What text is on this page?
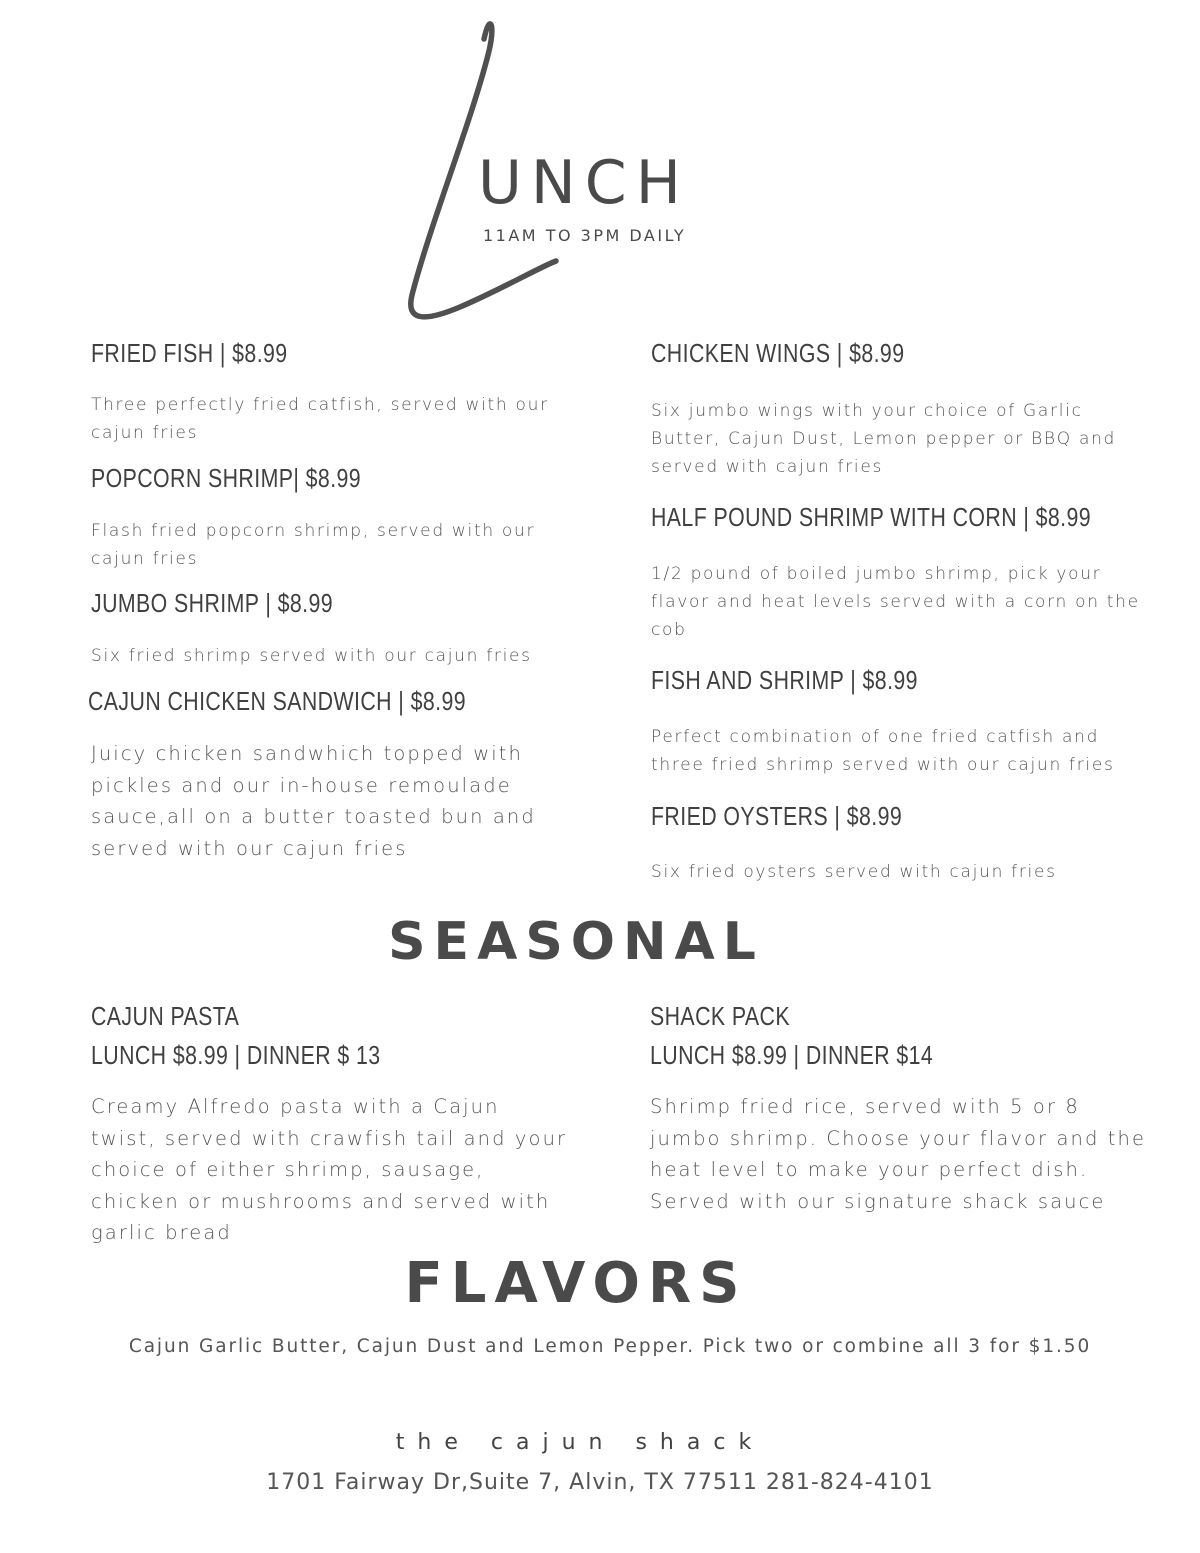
UNCH
11AM TO 3PM DAILY
FRIED FISH | $8.99
Three perfectly fried catfish, served with our cajun fries
POPCORN SHRIMP| $8.99
Flash fried popcorn shrimp, served with our cajun fries
JUMBO SHRIMP | $8.99
Six fried shrimp served with our cajun fries
CAJUN CHICKEN SANDWICH | $8.99
Juicy chicken sandwhich topped with pickles and our in-house remoulade sauce,all on a butter toasted bun and served with our cajun fries
CHICKEN WINGS | $8.99
Six jumbo wings with your choice of Garlic Butter, Cajun Dust, Lemon pepper or BBQ and served with cajun fries
HALF POUND SHRIMP WITH CORN | $8.99
1/2 pound of boiled jumbo shrimp, pick your flavor and heat levels served with a corn on the cob
FISH AND SHRIMP | $8.99
Perfect combination of one fried catfish and three fried shrimp served with our cajun fries
FRIED OYSTERS | $8.99
Six fried oysters served with cajun fries
SEASONAL
CAJUN PASTA
LUNCH $8.99 | DINNER $ 13
Creamy Alfredo pasta with a Cajun twist, served with crawfish tail and your choice of either shrimp, sausage, chicken or mushrooms and served with garlic bread
SHACK PACK
LUNCH $8.99 | DINNER $14
Shrimp fried rice, served with 5 or 8 jumbo shrimp. Choose your flavor and the heat level to make your perfect dish. Served with our signature shack sauce
FLAVORS
Cajun Garlic Butter, Cajun Dust and Lemon Pepper. Pick two or combine all 3 for $1.50
the cajun shack
1701 Fairway Dr,Suite 7, Alvin, TX 77511 281-824-4101
